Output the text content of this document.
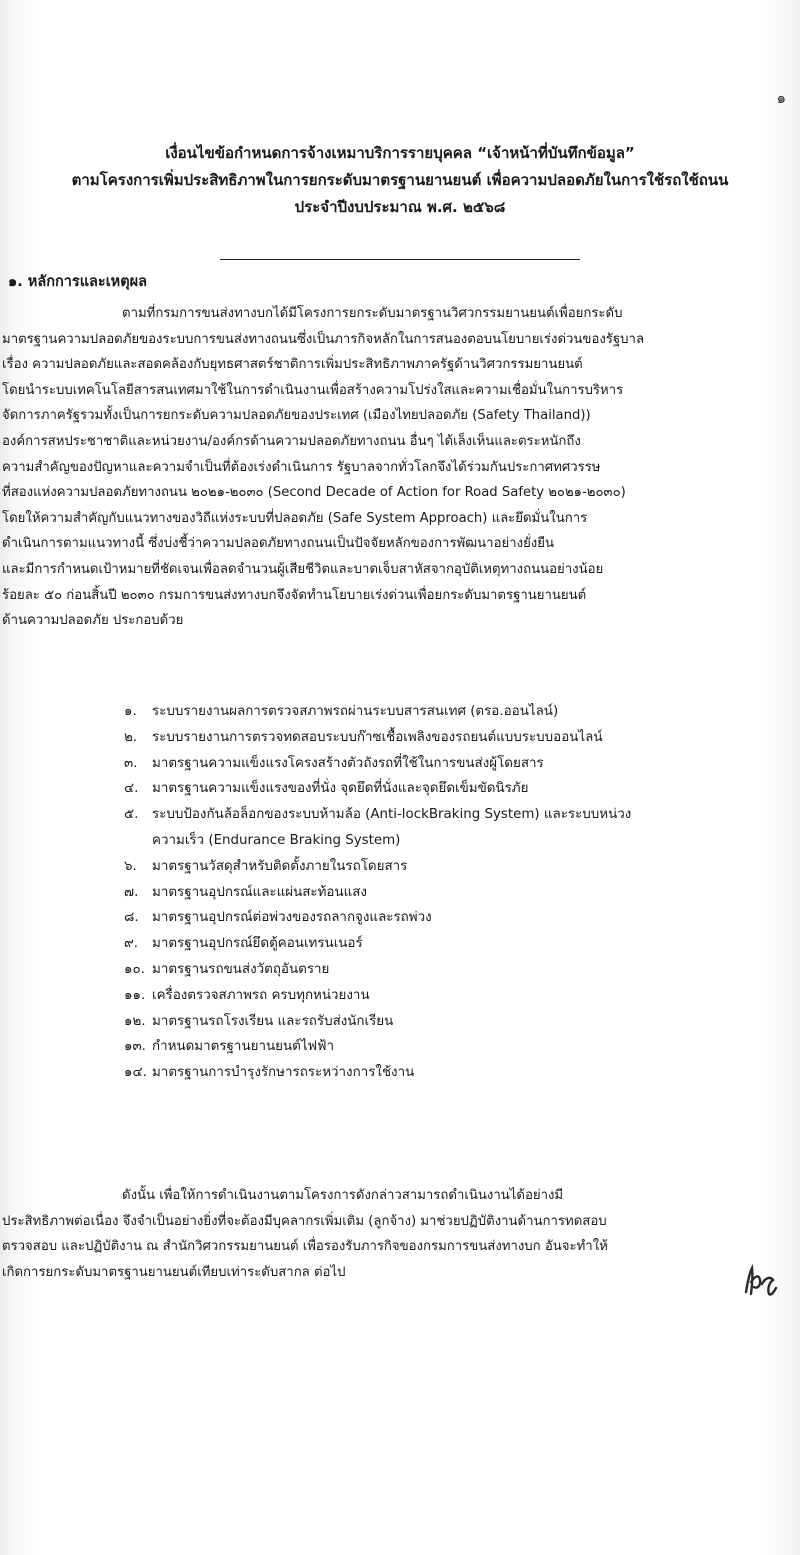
๑
เงื่อนไขข้อกำหนดการจ้างเหมาบริการรายบุคคล “เจ้าหน้าที่บันทึกข้อมูล”
ตามโครงการเพิ่มประสิทธิภาพในการยกระดับมาตรฐานยานยนต์ เพื่อความปลอดภัยในการใช้รถใช้ถนน
ประจำปีงบประมาณ พ.ศ. ๒๕๖๘
๑. หลักการและเหตุผล
ตามที่กรมการขนส่งทางบกได้มีโครงการยกระดับมาตรฐานวิศวกรรมยานยนต์เพื่อยกระดับ
มาตรฐานความปลอดภัยของระบบการขนส่งทางถนนซึ่งเป็นภารกิจหลักในการสนองตอบนโยบายเร่งด่วนของรัฐบาล
เรื่อง ความปลอดภัยและสอดคล้องกับยุทธศาสตร์ชาติการเพิ่มประสิทธิภาพภาครัฐด้านวิศวกรรมยานยนต์
โดยนำระบบเทคโนโลยีสารสนเทศมาใช้ในการดำเนินงานเพื่อสร้างความโปร่งใสและความเชื่อมั่นในการบริหาร
จัดการภาครัฐรวมทั้งเป็นการยกระดับความปลอดภัยของประเทศ (เมืองไทยปลอดภัย (Safety Thailand))
องค์การสหประชาชาติและหน่วยงาน/องค์กรด้านความปลอดภัยทางถนน อื่นๆ ได้เล็งเห็นและตระหนักถึง
ความสำคัญของปัญหาและความจำเป็นที่ต้องเร่งดำเนินการ รัฐบาลจากทั่วโลกจึงได้ร่วมกันประกาศทศวรรษ
ที่สองแห่งความปลอดภัยทางถนน ๒๐๒๑-๒๐๓๐ (Second Decade of Action for Road Safety ๒๐๒๑-๒๐๓๐)
โดยให้ความสำคัญกับแนวทางของวิถีแห่งระบบที่ปลอดภัย (Safe System Approach) และยึดมั่นในการ
ดำเนินการตามแนวทางนี้ ซึ่งบ่งชี้ว่าความปลอดภัยทางถนนเป็นปัจจัยหลักของการพัฒนาอย่างยั่งยืน
และมีการกำหนดเป้าหมายที่ชัดเจนเพื่อลดจำนวนผู้เสียชีวิตและบาดเจ็บสาหัสจากอุบัติเหตุทางถนนอย่างน้อย
ร้อยละ ๕๐ ก่อนสิ้นปี ๒๐๓๐ กรมการขนส่งทางบกจึงจัดทำนโยบายเร่งด่วนเพื่อยกระดับมาตรฐานยานยนต์
ด้านความปลอดภัย ประกอบด้วย
๑. ระบบรายงานผลการตรวจสภาพรถผ่านระบบสารสนเทศ (ตรอ.ออนไลน์)
๒. ระบบรายงานการตรวจทดสอบระบบก๊าซเชื้อเพลิงของรถยนต์แบบระบบออนไลน์
๓. มาตรฐานความแข็งแรงโครงสร้างตัวถังรถที่ใช้ในการขนส่งผู้โดยสาร
๔. มาตรฐานความแข็งแรงของที่นั่ง จุดยึดที่นั่งและจุดยึดเข็มขัดนิรภัย
๕. ระบบป้องกันล้อล็อกของระบบห้ามล้อ (Anti-lockBraking System) และระบบหน่วง
ความเร็ว (Endurance Braking System)
๖. มาตรฐานวัสดุสำหรับติดตั้งภายในรถโดยสาร
๗. มาตรฐานอุปกรณ์และแผ่นสะท้อนแสง
๘. มาตรฐานอุปกรณ์ต่อพ่วงของรถลากจูงและรถพ่วง
๙. มาตรฐานอุปกรณ์ยึดตู้คอนเทรนเนอร์
๑๐. มาตรฐานรถขนส่งวัตถุอันตราย
๑๑. เครื่องตรวจสภาพรถ ครบทุกหน่วยงาน
๑๒. มาตรฐานรถโรงเรียน และรถรับส่งนักเรียน
๑๓. กำหนดมาตรฐานยานยนต์ไฟฟ้า
๑๔. มาตรฐานการบำรุงรักษารถระหว่างการใช้งาน
ดังนั้น เพื่อให้การดำเนินงานตามโครงการดังกล่าวสามารถดำเนินงานได้อย่างมี
ประสิทธิภาพต่อเนื่อง จึงจำเป็นอย่างยิ่งที่จะต้องมีบุคลากรเพิ่มเติม (ลูกจ้าง) มาช่วยปฏิบัติงานด้านการทดสอบ
ตรวจสอบ และปฏิบัติงาน ณ สำนักวิศวกรรมยานยนต์ เพื่อรองรับภารกิจของกรมการขนส่งทางบก อันจะทำให้
เกิดการยกระดับมาตรฐานยานยนต์เทียบเท่าระดับสากล ต่อไป
